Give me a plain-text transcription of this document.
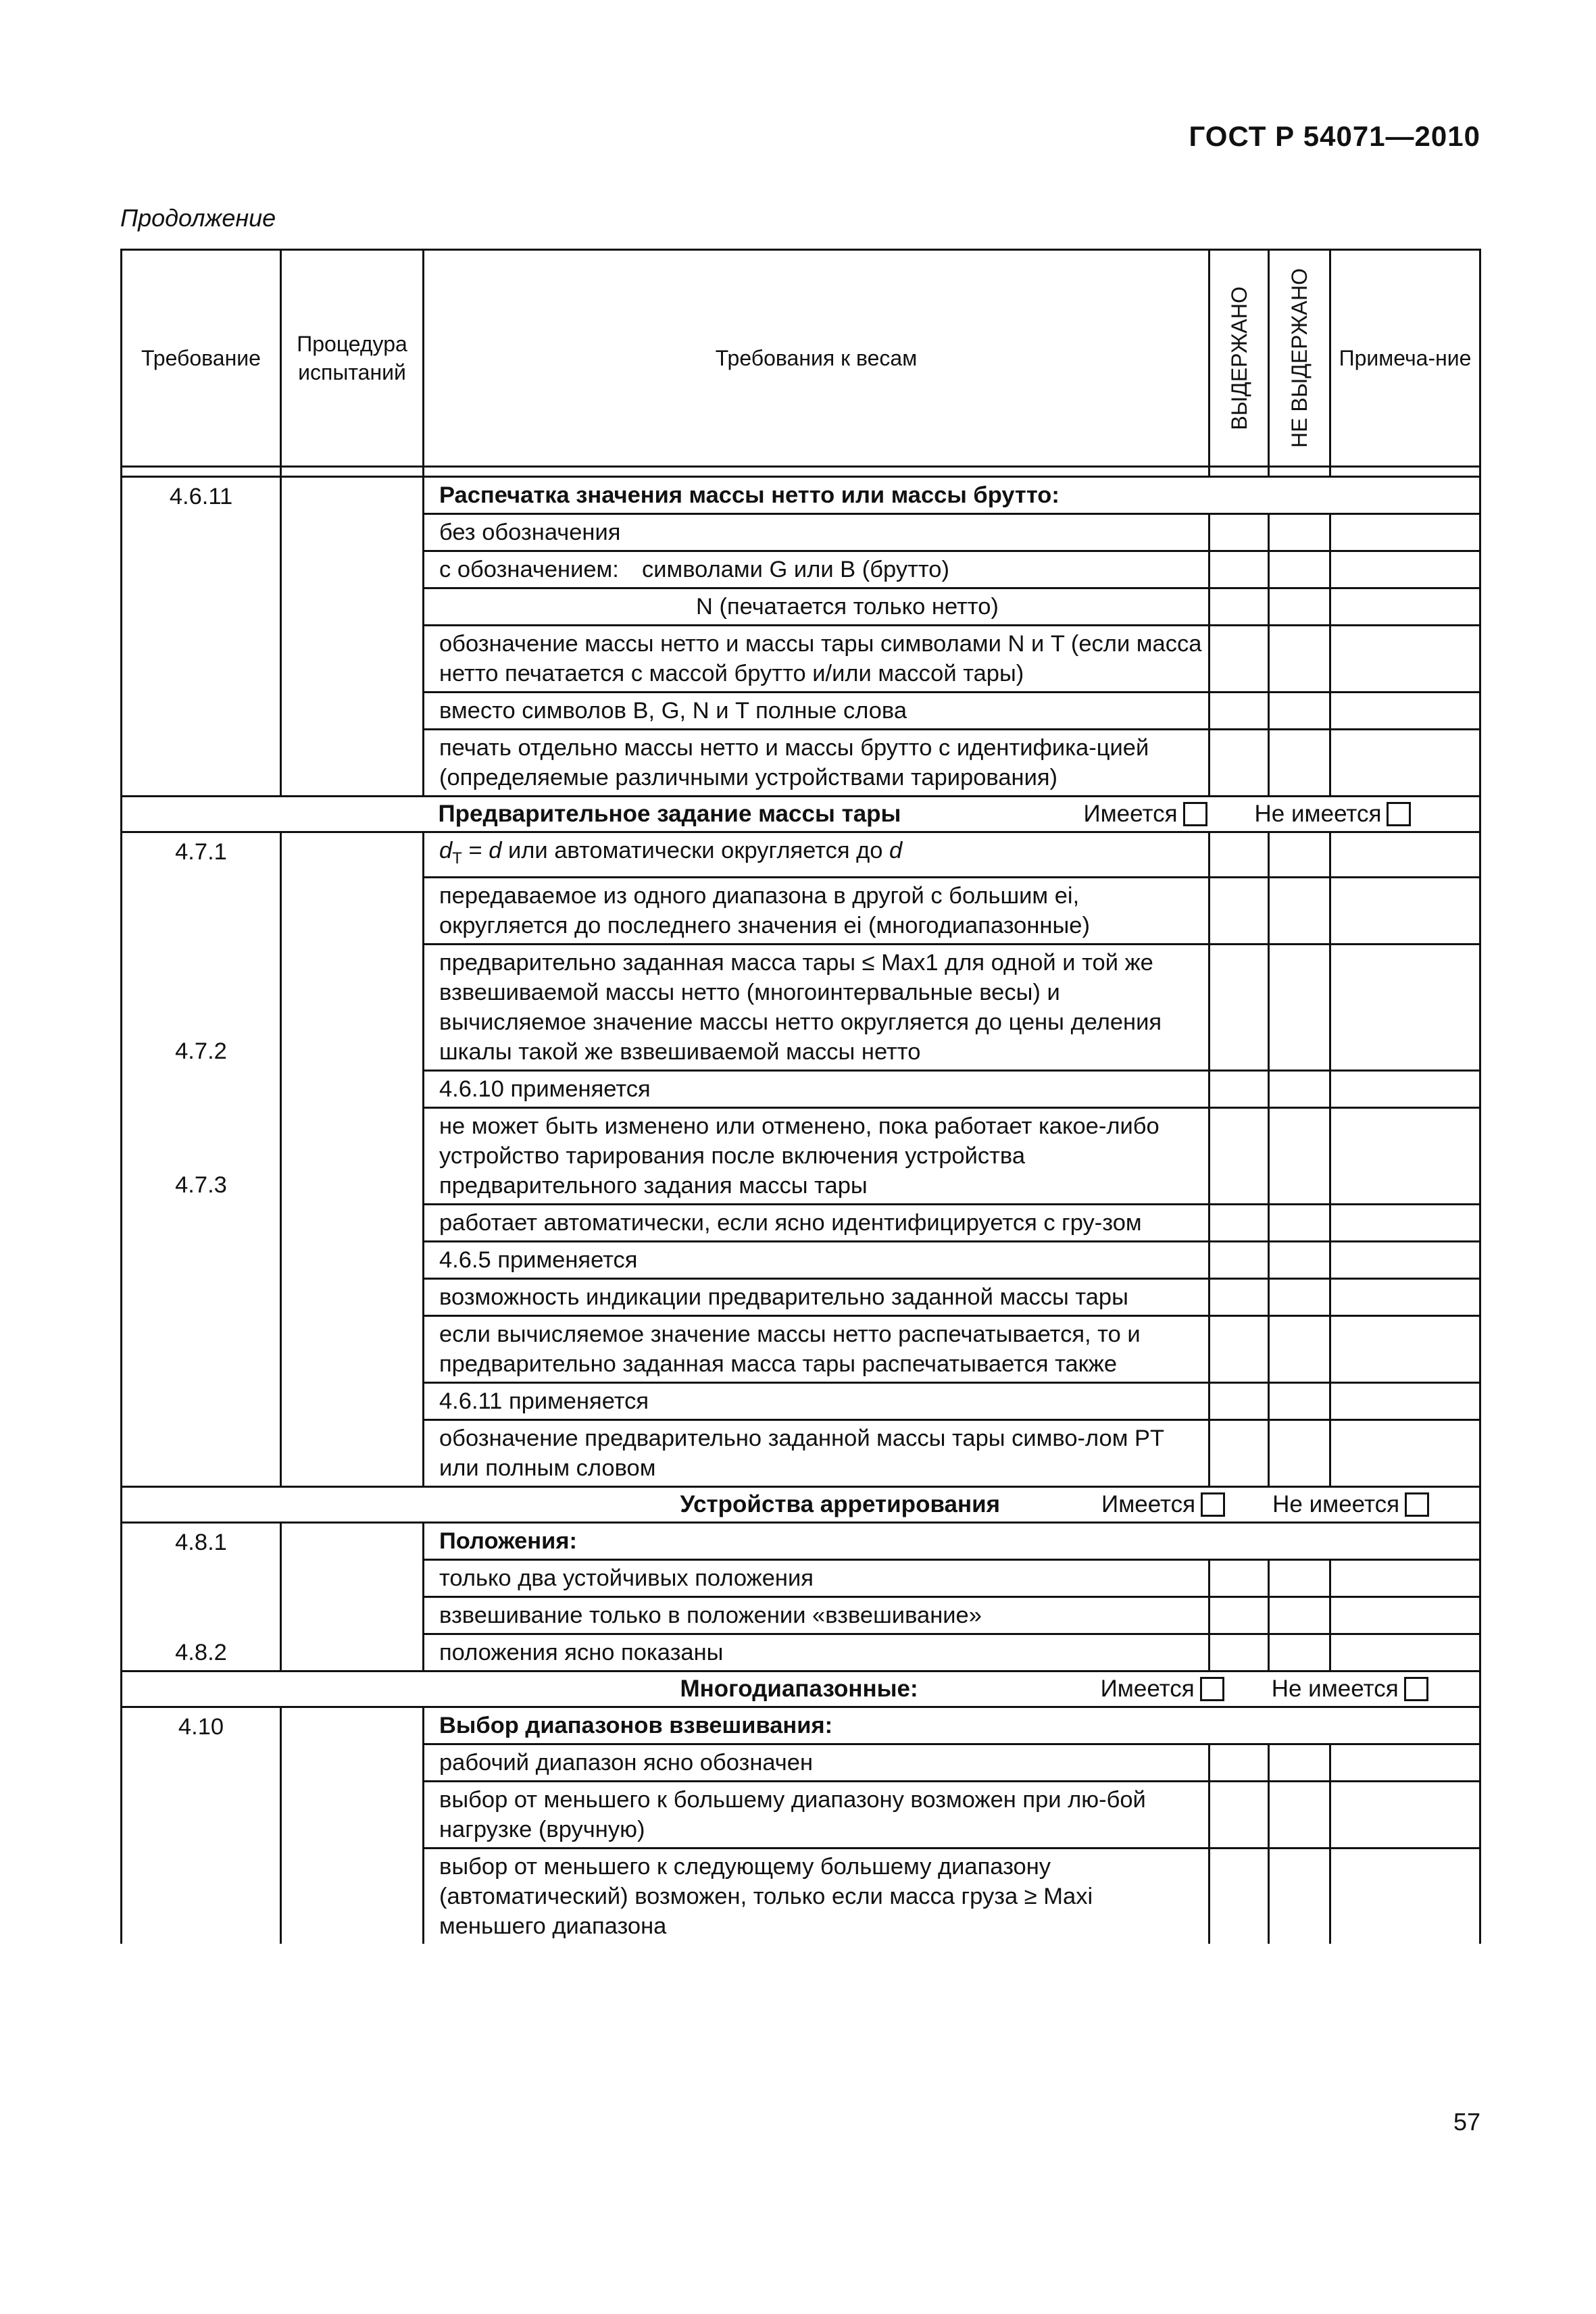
ГОСТ Р 54071—2010
Продолжение
Требование	Процедура испытаний	Требования к весам	ВЫДЕРЖАНО	НЕ ВЫДЕРЖАНО	Примеча-ние

4.6.11		Распечатка значения массы нетто или массы брутто:			
		без обозначения			
		с обозначением: символами G или B (брутто)			

		N (печатается только нетто)			

		обозначение массы нетто и массы тары символами N и T (если масса нетто печатается с массой брутто и/или массой тары)			
		вместо символов B, G, N и T полные слова			
		печать отдельно массы нетто и массы брутто с идентифика-цией (определяемые различными устройствами тарирования)			

		Предварительное задание массы тары Имеется Не имеется			

4.7.1		$d_T = d$ или автоматически округляется до d			
		передаваемое из одного диапазона в другой с большим ei, округляется до последнего значения ei (многодиапазонные)			
4.7.2		предварительно заданная масса тары ≤ Max1 для одной и той же взвешиваемой массы нетто (многоинтервальные весы) и вычисляемое значение массы нетто округляется до цены деления шкалы такой же взвешиваемой массы нетто			
		4.6.10 применяется			
4.7.3		не может быть изменено или отменено, пока работает какое-либо устройство тарирования после включения устройства предварительного задания массы тары			
		работает автоматически, если ясно идентифицируется с гру-зом			
		4.6.5 применяется			
		возможность индикации предварительно заданной массы тары			
		если вычисляемое значение массы нетто распечатывается, то и предварительно заданная масса тары распечатывается также			
		4.6.11 применяется			
		обозначение предварительно заданной массы тары симво-лом PT или полным словом			

		Устройства арретирования Имеется Не имеется			

4.8.1		Положения:			
		только два устойчивых положения			
		взвешивание только в положении «взвешивание»			
4.8.2		положения ясно показаны			

		Многодиапазонные: Имеется Не имеется			

4.10		Выбор диапазонов взвешивания:			
		рабочий диапазон ясно обозначен			
		выбор от меньшего к большему диапазону возможен при лю-бой нагрузке (вручную)			
		выбор от меньшего к следующему большему диапазону (автоматический) возможен, только если масса груза ≥ Maxi меньшего диапазона			
57
